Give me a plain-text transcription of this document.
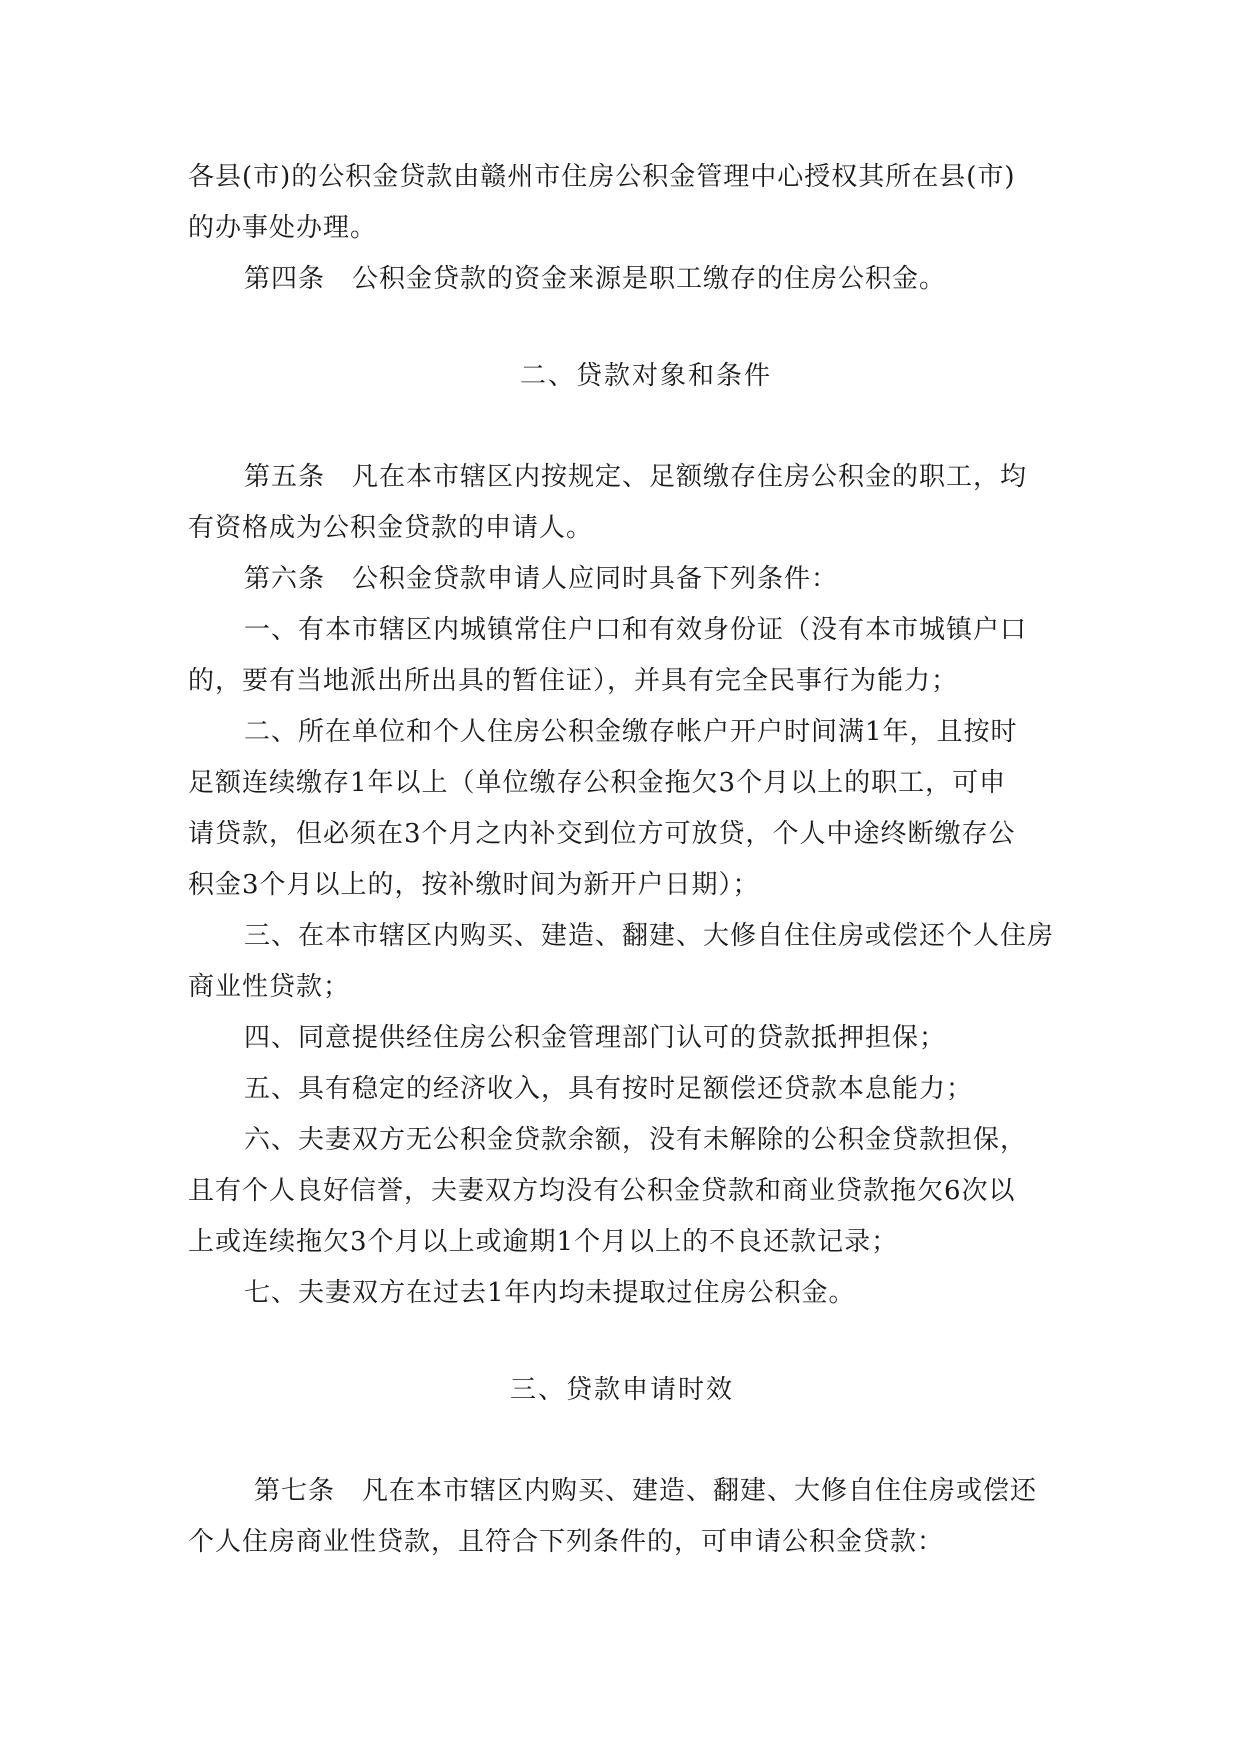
各县(市)的公积金贷款由赣州市住房公积金管理中心授权其所在县(市)
的办事处办理。
第四条　公积金贷款的资金来源是职工缴存的住房公积金。
二、贷款对象和条件
第五条　凡在本市辖区内按规定、足额缴存住房公积金的职工，均
有资格成为公积金贷款的申请人。
第六条　公积金贷款申请人应同时具备下列条件：
一、有本市辖区内城镇常住户口和有效身份证（没有本市城镇户口
的，要有当地派出所出具的暂住证），并具有完全民事行为能力；
二、所在单位和个人住房公积金缴存帐户开户时间满1年，且按时
足额连续缴存1年以上（单位缴存公积金拖欠3个月以上的职工，可申
请贷款，但必须在3个月之内补交到位方可放贷，个人中途终断缴存公
积金3个月以上的，按补缴时间为新开户日期）；
三、在本市辖区内购买、建造、翻建、大修自住住房或偿还个人住房
商业性贷款；
四、同意提供经住房公积金管理部门认可的贷款抵押担保；
五、具有稳定的经济收入，具有按时足额偿还贷款本息能力；
六、夫妻双方无公积金贷款余额，没有未解除的公积金贷款担保，
且有个人良好信誉，夫妻双方均没有公积金贷款和商业贷款拖欠6次以
上或连续拖欠3个月以上或逾期1个月以上的不良还款记录；
七、夫妻双方在过去1年内均未提取过住房公积金。
三、贷款申请时效
第七条　凡在本市辖区内购买、建造、翻建、大修自住住房或偿还
个人住房商业性贷款，且符合下列条件的，可申请公积金贷款：
